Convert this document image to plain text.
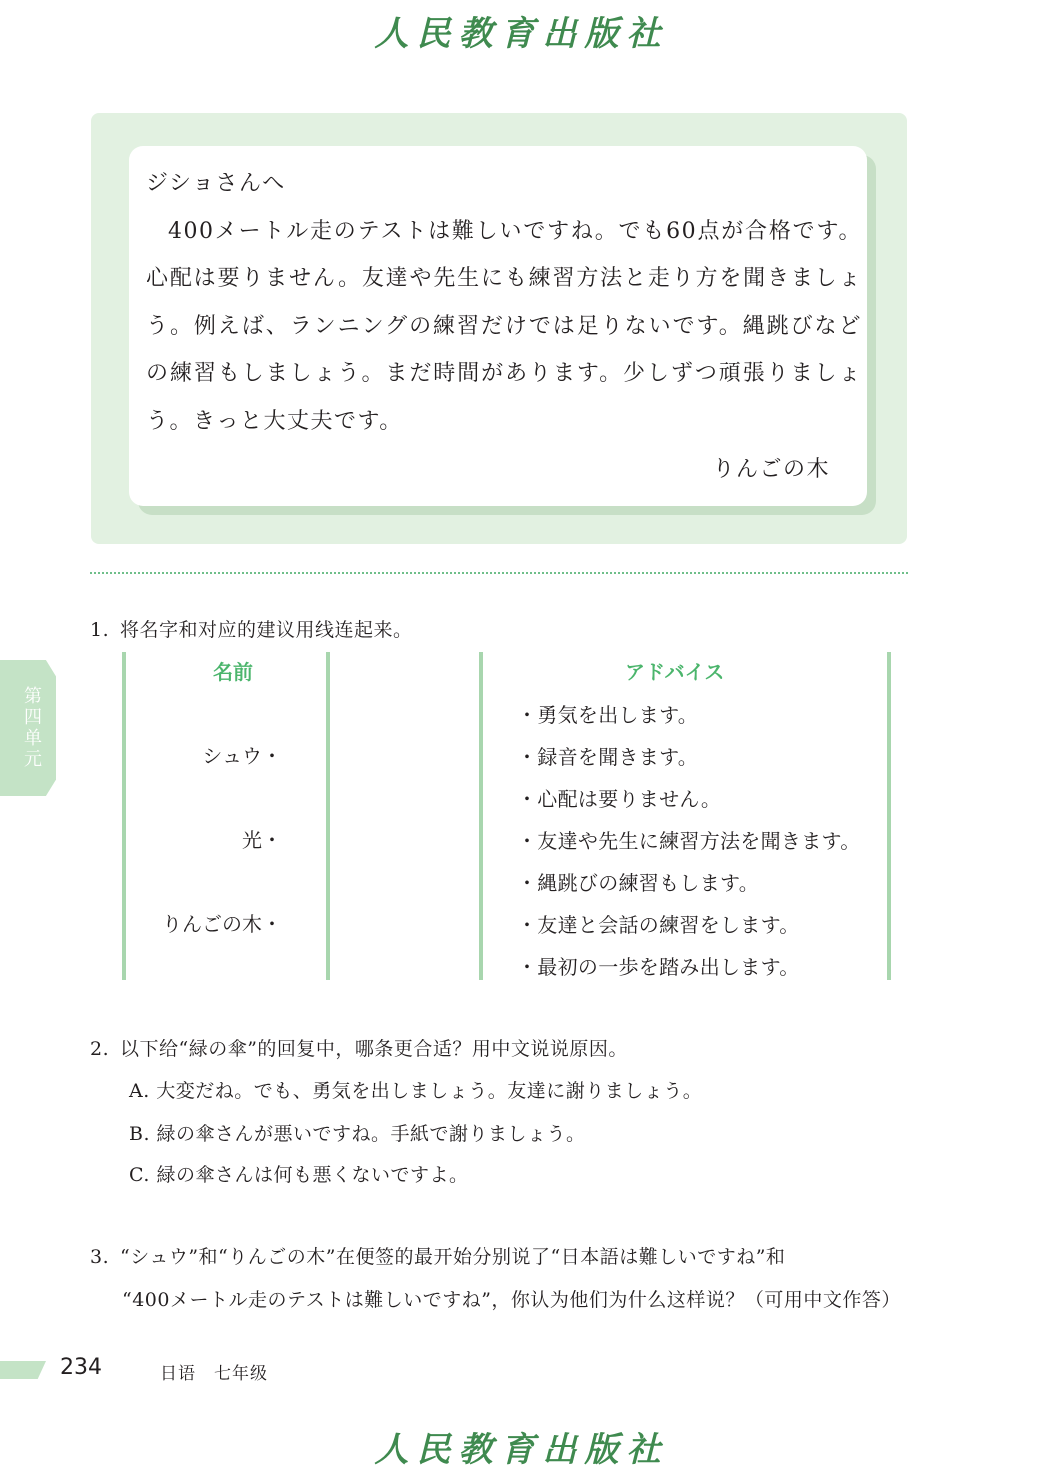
人民教育出版社

ジショさんへ

400メートル走のテストは難しいですね。でも60点が合格です。心配は要りません。友達や先生にも練習方法と走り方を聞きましょう。例えば、ランニングの練習だけでは足りないです。縄跳びなどの練習もしましょう。まだ時間があります。少しずつ頑張りましょう。きっと大丈夫です。

りんごの木

第四单元
1. 将名字和对应的建议用线连起来。
名前	アドバイス
シュウ・
光・
りんごの木・
・勇気を出します。
・録音を聞きます。
・心配は要りません。
・友達や先生に練習方法を聞きます。
・縄跳びの練習もします。
・友達と会話の練習をします。
・最初の一歩を踏み出します。
2. 以下给“緑の傘”的回复中，哪条更合适？用中文说说原因。
A. 大変だね。でも、勇気を出しましょう。友達に謝りましょう。
B. 緑の傘さんが悪いですね。手紙で謝りましょう。
C. 緑の傘さんは何も悪くないですよ。
3. “シュウ”和“りんごの木”在便签的最开始分别说了“日本語は難しいですね”和
“400メートル走のテストは難しいですね”，你认为他们为什么这样说？（可用中文作答）
234	日语　七年级
人民教育出版社
